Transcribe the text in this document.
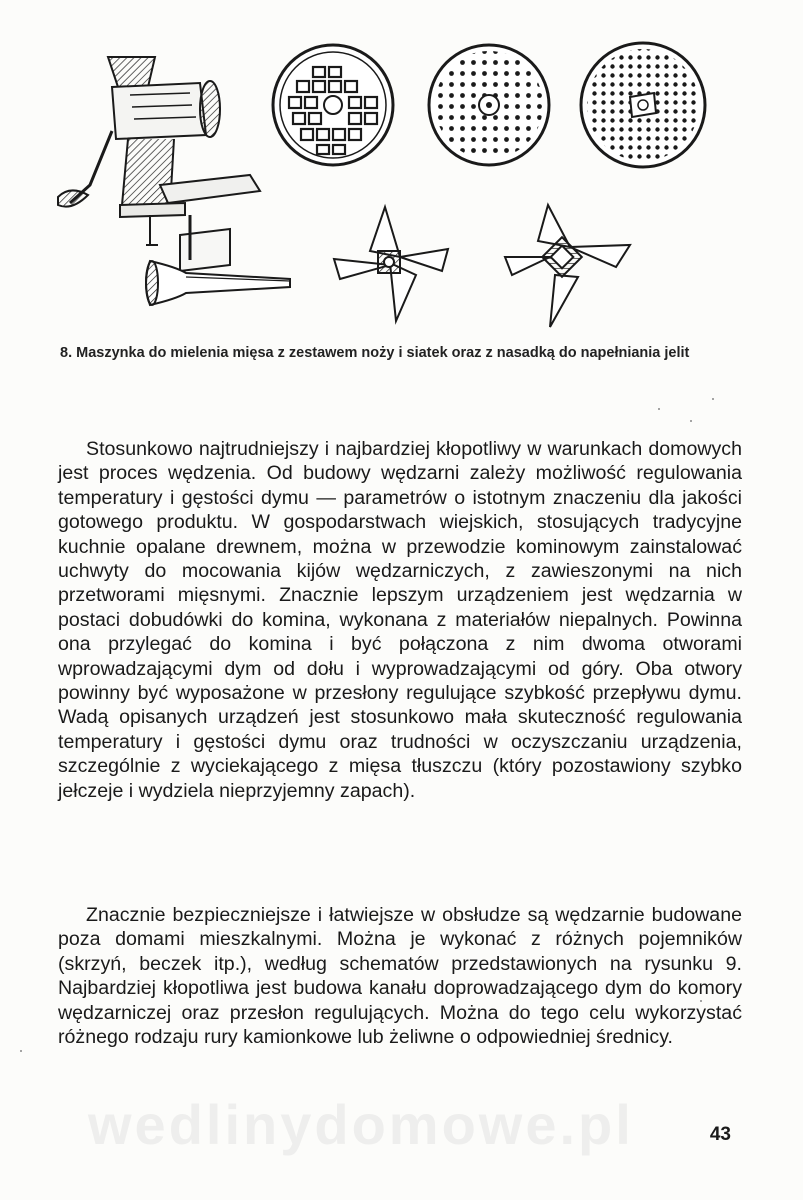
8. Maszynka do mielenia mięsa z zestawem noży i siatek oraz z nasadką do napełniania jelit

Stosunkowo najtrudniejszy i najbardziej kłopotliwy w warunkach domowych jest proces wędzenia. Od budowy wędzarni zależy możliwość regulowania temperatury i gęstości dymu — parametrów o istotnym znaczeniu dla jakości gotowego produktu. W gospodarstwach wiejskich, stosujących tradycyjne kuchnie opalane drewnem, można w przewodzie kominowym zainstalować uchwyty do mocowania kijów wędzarniczych, z zawieszonymi na nich przetworami mięsnymi. Znacznie lepszym urządzeniem jest wędzarnia w postaci dobudówki do komina, wykonana z materiałów niepalnych. Powinna ona przylegać do komina i być połączona z nim dwoma otworami wprowadzającymi dym od dołu i wyprowadzającymi od góry. Oba otwory powinny być wyposażone w przesłony regulujące szybkość przepływu dymu. Wadą opisanych urządzeń jest stosunkowo mała skuteczność regulowania temperatury i gęstości dymu oraz trudności w oczyszczaniu urządzenia, szczególnie z wyciekającego z mięsa tłuszczu (który pozostawiony szybko jełczeje i wydziela nieprzyjemny zapach).

Znacznie bezpieczniejsze i łatwiejsze w obsłudze są wędzarnie budowane poza domami mieszkalnymi. Można je wykonać z różnych pojemników (skrzyń, beczek itp.), według schematów przedstawionych na rysunku 9. Najbardziej kłopotliwa jest budowa kanału doprowadzającego dym do komory wędzarniczej oraz przesłon regulujących. Można do tego celu wykorzystać różnego rodzaju rury kamionkowe lub żeliwne o odpowiedniej średnicy.

wedlinydomowe.pl	43
